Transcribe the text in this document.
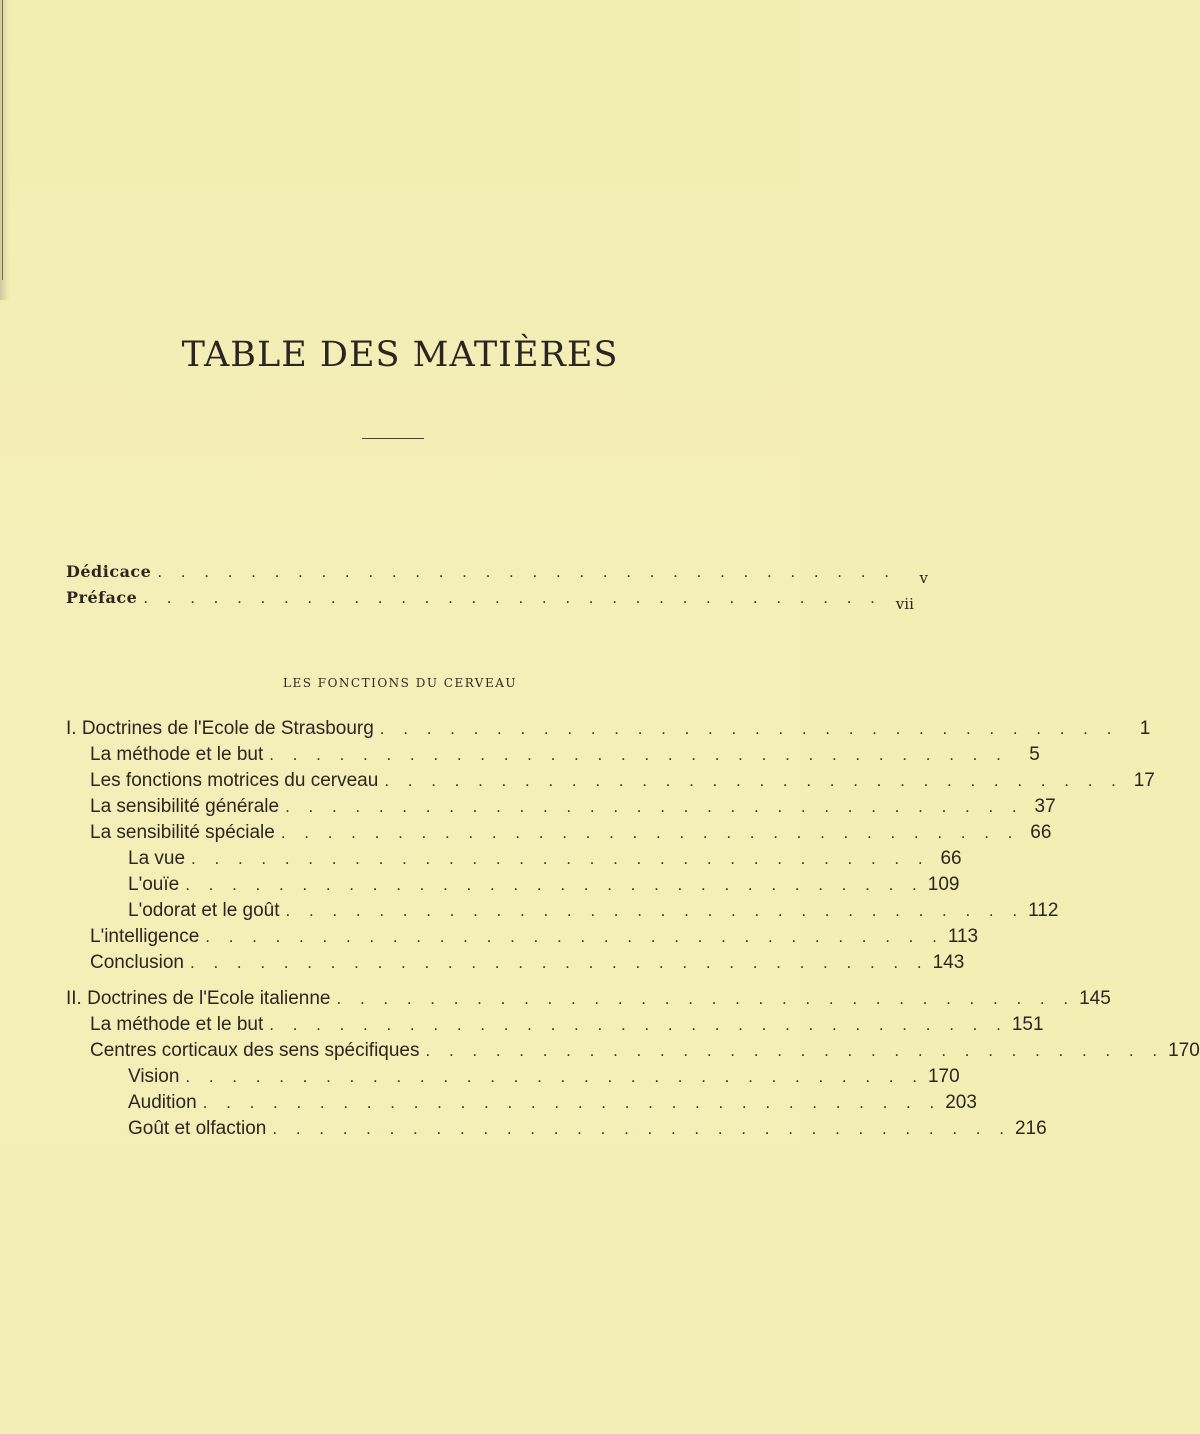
TABLE DES MATIÈRES
Dédicace . . . . . . . . . . . . . . . . . . . . . . . . . . . . . . . .	v
Préface . . . . . . . . . . . . . . . . . . . . . . . . . . . . . . . . vii
LES FONCTIONS DU CERVEAU
I. Doctrines de l'Ecole de Strasbourg . . . . . . . . . . . . . . . . . . . . . . . . . . . . . . . .	1
La méthode et le but . . . . . . . . . . . . . . . . . . . . . . . . . . . . . . . .	5
Les fonctions motrices du cerveau . . . . . . . . . . . . . . . . . . . . . . . . . . . . . . . . 17
La sensibilité générale . . . . . . . . . . . . . . . . . . . . . . . . . . . . . . . . 37
La sensibilité spéciale . . . . . . . . . . . . . . . . . . . . . . . . . . . . . . . . 66
La vue . . . . . . . . . . . . . . . . . . . . . . . . . . . . . . . . 66
L'ouïe . . . . . . . . . . . . . . . . . . . . . . . . . . . . . . . . 109
L'odorat et le goût . . . . . . . . . . . . . . . . . . . . . . . . . . . . . . . . 112
L'intelligence . . . . . . . . . . . . . . . . . . . . . . . . . . . . . . . . 113
Conclusion . . . . . . . . . . . . . . . . . . . . . . . . . . . . . . . . 143
II. Doctrines de l'Ecole italienne . . . . . . . . . . . . . . . . . . . . . . . . . . . . . . . . 145
La méthode et le but . . . . . . . . . . . . . . . . . . . . . . . . . . . . . . . . 151
Centres corticaux des sens spécifiques . . . . . . . . . . . . . . . . . . . . . . . . . . . . . . . . 170
Vision . . . . . . . . . . . . . . . . . . . . . . . . . . . . . . . . 170
Audition . . . . . . . . . . . . . . . . . . . . . . . . . . . . . . . . 203
Goût et olfaction . . . . . . . . . . . . . . . . . . . . . . . . . . . . . . . . 216
